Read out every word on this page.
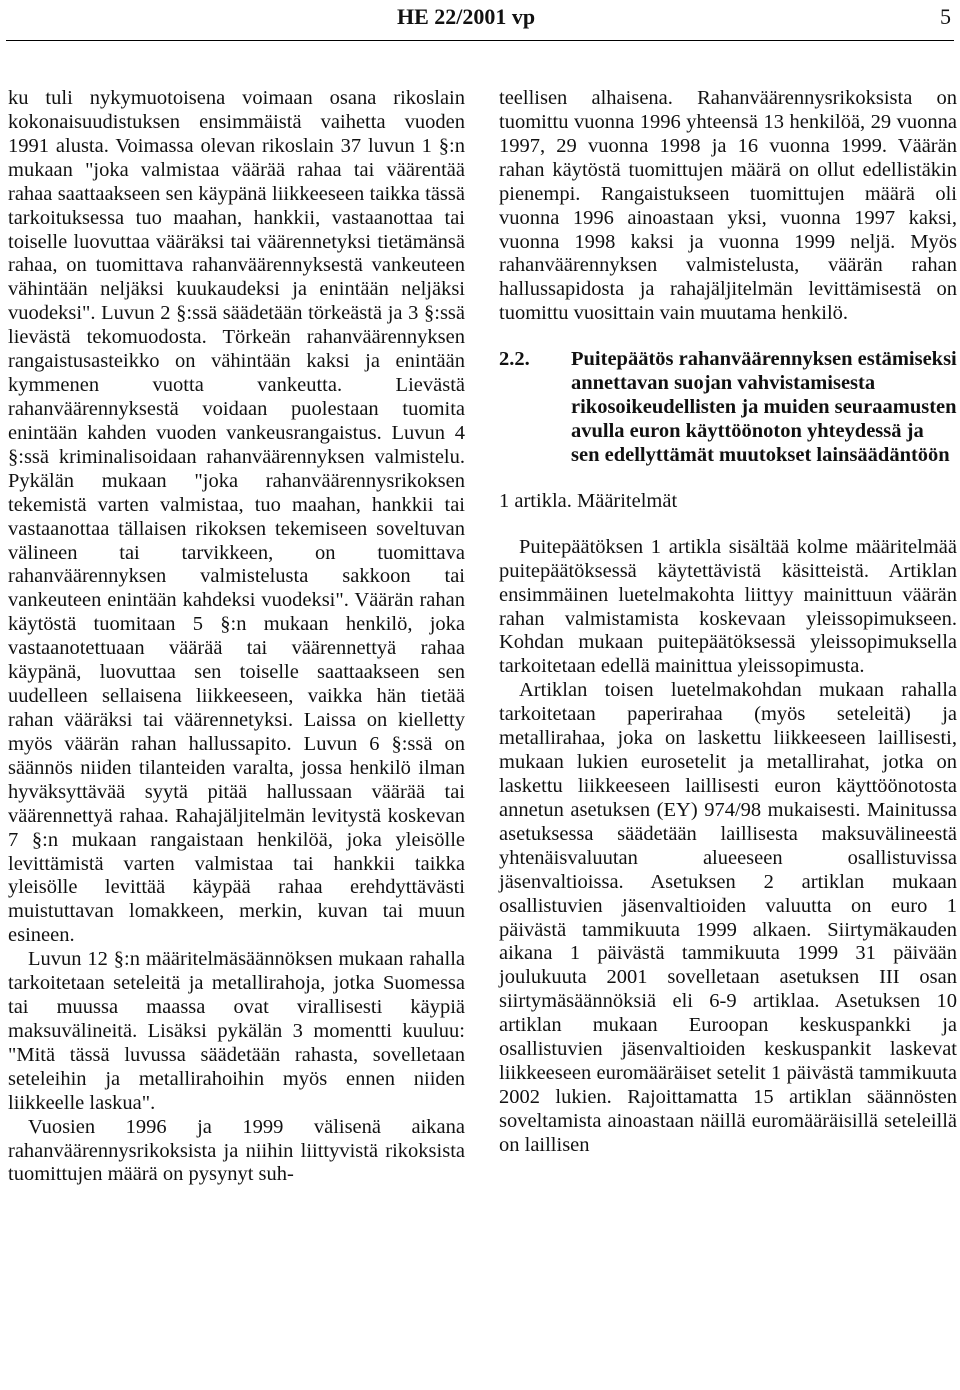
HE 22/2001 vp	5

ku tuli nykymuotoisena voimaan osana rikoslain kokonaisuudistuksen ensimmäistä vaihetta vuoden 1991 alusta. Voimassa olevan rikoslain 37 luvun 1 §:n mukaan "joka valmistaa väärää rahaa tai väärentää rahaa saattaakseen sen käypänä liikkeeseen taikka tässä tarkoituksessa tuo maahan, hankkii, vastaanottaa tai toiselle luovuttaa vääräksi tai väärennetyksi tietämänsä rahaa, on tuomittava rahanväärennyksestä vankeuteen vähintään neljäksi kuukaudeksi ja enintään neljäksi vuodeksi". Luvun 2 §:ssä säädetään törkeästä ja 3 §:ssä lievästä tekomuodosta. Törkeän rahanväärennyksen rangaistusasteikko on vähintään kaksi ja enintään kymmenen vuotta vankeutta. Lievästä rahanväärennyksestä voidaan puolestaan tuomita enintään kahden vuoden vankeusrangaistus. Luvun 4 §:ssä kriminalisoidaan rahanväärennyksen valmistelu. Pykälän mukaan "joka rahanväärennysrikoksen tekemistä varten valmistaa, tuo maahan, hankkii tai vastaanottaa tällaisen rikoksen tekemiseen soveltuvan välineen tai tarvikkeen, on tuomittava rahanväärennyksen valmistelusta sakkoon tai vankeuteen enintään kahdeksi vuodeksi". Väärän rahan käytöstä tuomitaan 5 §:n mukaan henkilö, joka vastaanotettuaan väärää tai väärennettyä rahaa käypänä, luovuttaa sen toiselle saattaakseen sen uudelleen sellaisena liikkeeseen, vaikka hän tietää rahan vääräksi tai väärennetyksi. Laissa on kielletty myös väärän rahan hallussapito. Luvun 6 §:ssä on säännös niiden tilanteiden varalta, jossa henkilö ilman hyväksyttävää syytä pitää hallussaan väärää tai väärennettyä rahaa. Rahajäljitelmän levitystä koskevan 7 §:n mukaan rangaistaan henkilöä, joka yleisölle levittämistä varten valmistaa tai hankkii taikka yleisölle levittää käypää rahaa erehdyttävästi muistuttavan lomakkeen, merkin, kuvan tai muun esineen.

Luvun 12 §:n määritelmäsäännöksen mukaan rahalla tarkoitetaan seteleitä ja metallirahoja, jotka Suomessa tai muussa maassa ovat virallisesti käypiä maksuvälineitä. Lisäksi pykälän 3 momentti kuuluu: "Mitä tässä luvussa säädetään rahasta, sovelletaan seteleihin ja metallirahoihin myös ennen niiden liikkeelle laskua".

Vuosien 1996 ja 1999 välisenä aikana rahanväärennysrikoksista ja niihin liittyvistä rikoksista tuomittujen määrä on pysynyt suh-

teellisen alhaisena. Rahanväärennysrikoksista on tuomittu vuonna 1996 yhteensä 13 henkilöä, 29 vuonna 1997, 29 vuonna 1998 ja 16 vuonna 1999. Väärän rahan käytöstä tuomittujen määrä on ollut edellistäkin pienempi. Rangaistukseen tuomittujen määrä oli vuonna 1996 ainoastaan yksi, vuonna 1997 kaksi, vuonna 1998 kaksi ja vuonna 1999 neljä. Myös rahanväärennyksen valmistelusta, väärän rahan hallussapidosta ja rahajäljitelmän levittämisestä on tuomittu vuosittain vain muutama henkilö.

2.2.	Puitepäätös rahanväärennyksen estämiseksi annettavan suojan vahvistamisesta rikosoikeudellisten ja muiden seuraamusten avulla euron käyttöönoton yhteydessä ja sen edellyttämät muutokset lainsäädäntöön

1 artikla. Määritelmät

Puitepäätöksen 1 artikla sisältää kolme määritelmää puitepäätöksessä käytettävistä käsitteistä. Artiklan ensimmäinen luetelmakohta liittyy mainittuun väärän rahan valmistamista koskevaan yleissopimukseen. Kohdan mukaan puitepäätöksessä yleissopimuksella tarkoitetaan edellä mainittua yleissopimusta.

Artiklan toisen luetelmakohdan mukaan rahalla tarkoitetaan paperirahaa (myös seteleitä) ja metallirahaa, joka on laskettu liikkeeseen laillisesti, mukaan lukien eurosetelit ja metallirahat, jotka on laskettu liikkeeseen laillisesti euron käyttöönotosta annetun asetuksen (EY) 974/98 mukaisesti. Mainitussa asetuksessa säädetään laillisesta maksuvälineestä yhtenäisvaluutan alueeseen osallistuvissa jäsenvaltioissa. Asetuksen 2 artiklan mukaan osallistuvien jäsenvaltioiden valuutta on euro 1 päivästä tammikuuta 1999 alkaen. Siirtymäkauden aikana 1 päivästä tammikuuta 1999 31 päivään joulukuuta 2001 sovelletaan asetuksen III osan siirtymäsäännöksiä eli 6-9 artiklaa. Asetuksen 10 artiklan mukaan Euroopan keskuspankki ja osallistuvien jäsenvaltioiden keskuspankit laskevat liikkeeseen euromääräiset setelit 1 päivästä tammikuuta 2002 lukien. Rajoittamatta 15 artiklan säännösten soveltamista ainoastaan näillä euromääräisillä seteleillä on laillisen
